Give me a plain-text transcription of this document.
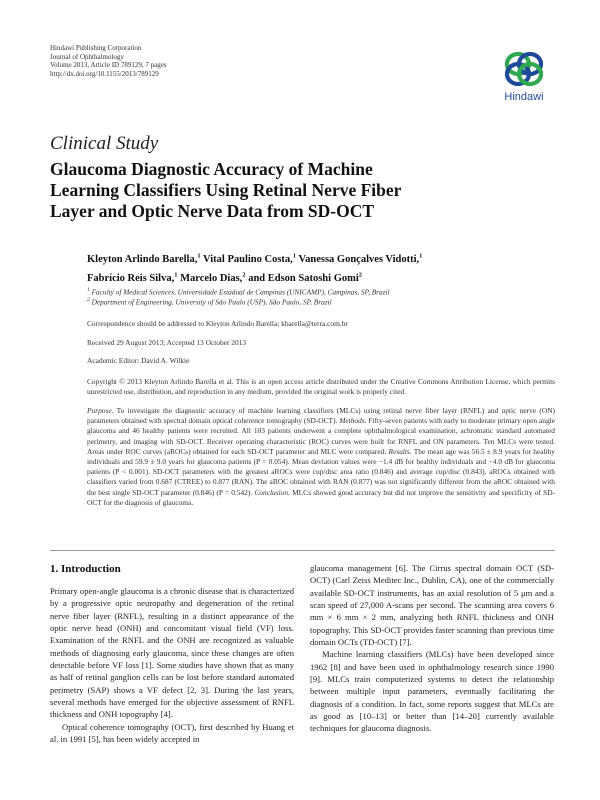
Hindawi Publishing Corporation
Journal of Ophthalmology
Volume 2013, Article ID 789129, 7 pages
http://dx.doi.org/10.1155/2013/789129
Hindawi
Clinical Study
Glaucoma Diagnostic Accuracy of Machine
Learning Classifiers Using Retinal Nerve Fiber
Layer and Optic Nerve Data from SD-OCT
Kleyton Arlindo Barella,$^1$ Vital Paulino Costa,$^1$ Vanessa Gonçalves Vidotti,$^1$
Fabrício Reis Silva,$^1$ Marcelo Dias,$^2$ and Edson Satoshi Gomi$^2$
$^1$ Faculty of Medical Sciences, Universidade Estadual de Campinas (UNICAMP), Campinas, SP, Brazil
$^2$ Department of Engineering, University of São Paulo (USP), São Paulo, SP, Brazil
Correspondence should be addressed to Kleyton Arlindo Barella; kbarella@terra.com.br
Received 29 August 2013; Accepted 13 October 2013
Academic Editor: David A. Wilkie
Copyright © 2013 Kleyton Arlindo Barella et al. This is an open access article distributed under the Creative Commons Attribution License, which permits unrestricted use, distribution, and reproduction in any medium, provided the original work is properly cited.
Purpose. To investigate the diagnostic accuracy of machine learning classifiers (MLCs) using retinal nerve fiber layer (RNFL) and optic nerve (ON) parameters obtained with spectral domain optical coherence tomography (SD-OCT). Methods. Fifty-seven patients with early to moderate primary open angle glaucoma and 46 healthy patients were recruited. All 103 patients underwent a complete ophthalmological examination, achromatic standard automated perimetry, and imaging with SD-OCT. Receiver operating characteristic (ROC) curves were built for RNFL and ON parameters. Ten MLCs were tested. Areas under ROC curves (aROCs) obtained for each SD-OCT parameter and MLC were compared. Results. The mean age was 56.5 ± 8.9 years for healthy individuals and 59.9 ± 9.0 years for glaucoma patients (P = 0.054). Mean deviation values were −1.4 dB for healthy individuals and −4.0 dB for glaucoma patients (P < 0.001). SD-OCT parameters with the greatest aROCs were cup/disc area ratio (0.846) and average cup/disc (0.843). aROCs obtained with classifiers varied from 0.687 (CTREE) to 0.877 (RAN). The aROC obtained with RAN (0.877) was not significantly different from the aROC obtained with the best single SD-OCT parameter (0.846) (P = 0.542). Conclusion. MLCs showed good accuracy but did not improve the sensitivity and specificity of SD-OCT for the diagnosis of glaucoma.
1. Introduction

Primary open-angle glaucoma is a chronic disease that is characterized by a progressive optic neuropathy and degeneration of the retinal nerve fiber layer (RNFL), resulting in a distinct appearance of the optic nerve head (ONH) and concomitant visual field (VF) loss. Examination of the RNFL and the ONH are recognized as valuable methods of diagnosing early glaucoma, since these changes are often detectable before VF loss [1]. Some studies have shown that as many as half of retinal ganglion cells can be lost before standard automated perimetry (SAP) shows a VF defect [2, 3]. During the last years, several methods have emerged for the objective assessment of RNFL thickness and ONH topography [4].

Optical coherence tomography (OCT), first described by Huang et al. in 1991 [5], has been widely accepted in

glaucoma management [6]. The Cirrus spectral domain OCT (SD-OCT) (Carl Zeiss Meditec Inc., Dublin, CA), one of the commercially available SD-OCT instruments, has an axial resolution of 5 μm and a scan speed of 27,000 A-scans per second. The scanning area covers 6 mm × 6 mm × 2 mm, analyzing both RNFL thickness and ONH topography. This SD-OCT provides faster scanning than previous time domain OCTs (TD-OCT) [7].

Machine learning classifiers (MLCs) have been developed since 1962 [8] and have been used in ophthalmology research since 1990 [9]. MLCs train computerized systems to detect the relationship between multiple input parameters, eventually facilitating the diagnosis of a condition. In fact, some reports suggest that MLCs are as good as [10–13] or better than [14–20] currently available techniques for glaucoma diagnosis.
